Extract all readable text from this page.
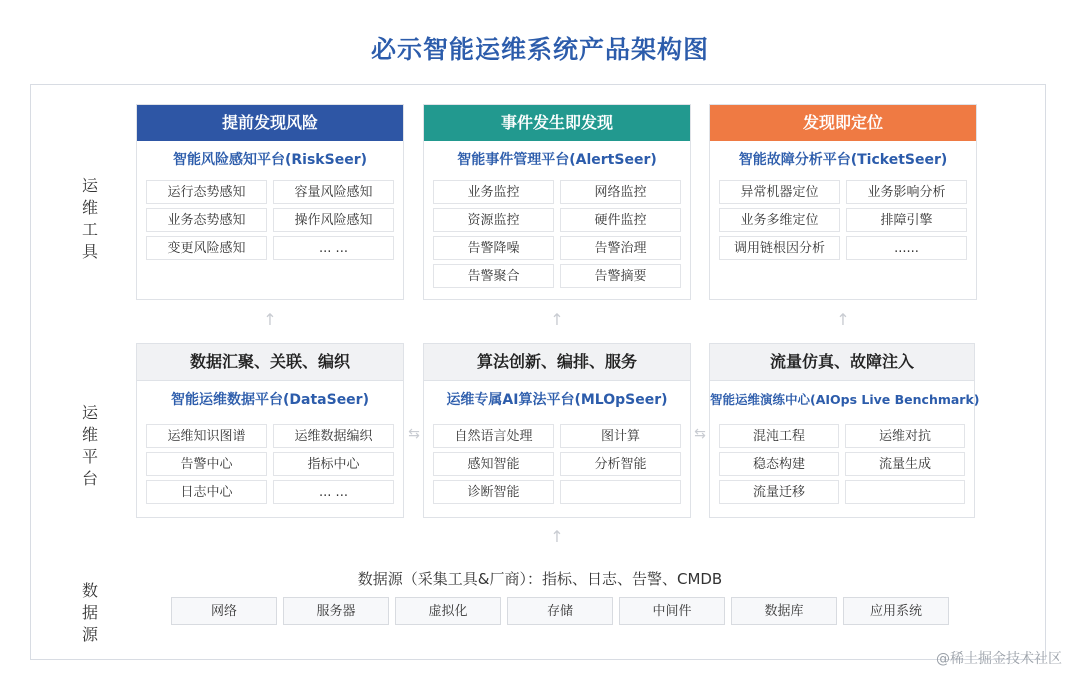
必示智能运维系统产品架构图
运
维
工
具
运
维
平
台
数
据
源
提前发现风险
智能风险感知平台(RiskSeer)
运行态势感知	容量风险感知
业务态势感知	操作风险感知
变更风险感知	... ...
事件发生即发现
智能事件管理平台(AlertSeer)
业务监控	网络监控
资源监控	硬件监控
告警降噪	告警治理
告警聚合	告警摘要
发现即定位
智能故障分析平台(TicketSeer)
异常机器定位	业务影响分析
业务多维定位	排障引擎
调用链根因分析	......
↑	↑	↑
数据汇聚、关联、编织
智能运维数据平台(DataSeer)
运维知识图谱	运维数据编织
告警中心	指标中心
日志中心	... ...
⇆
算法创新、编排、服务
运维专属AI算法平台(MLOpSeer)
自然语言处理	图计算
感知智能	分析智能
诊断智能
⇆
流量仿真、故障注入
智能运维演练中心(AIOps Live Benchmark)
混沌工程	运维对抗
稳态构建	流量生成
流量迁移
↑
数据源（采集工具&厂商）：指标、日志、告警、CMDB
网络	服务器	虚拟化	存储	中间件	数据库	应用系统
@稀土掘金技术社区
